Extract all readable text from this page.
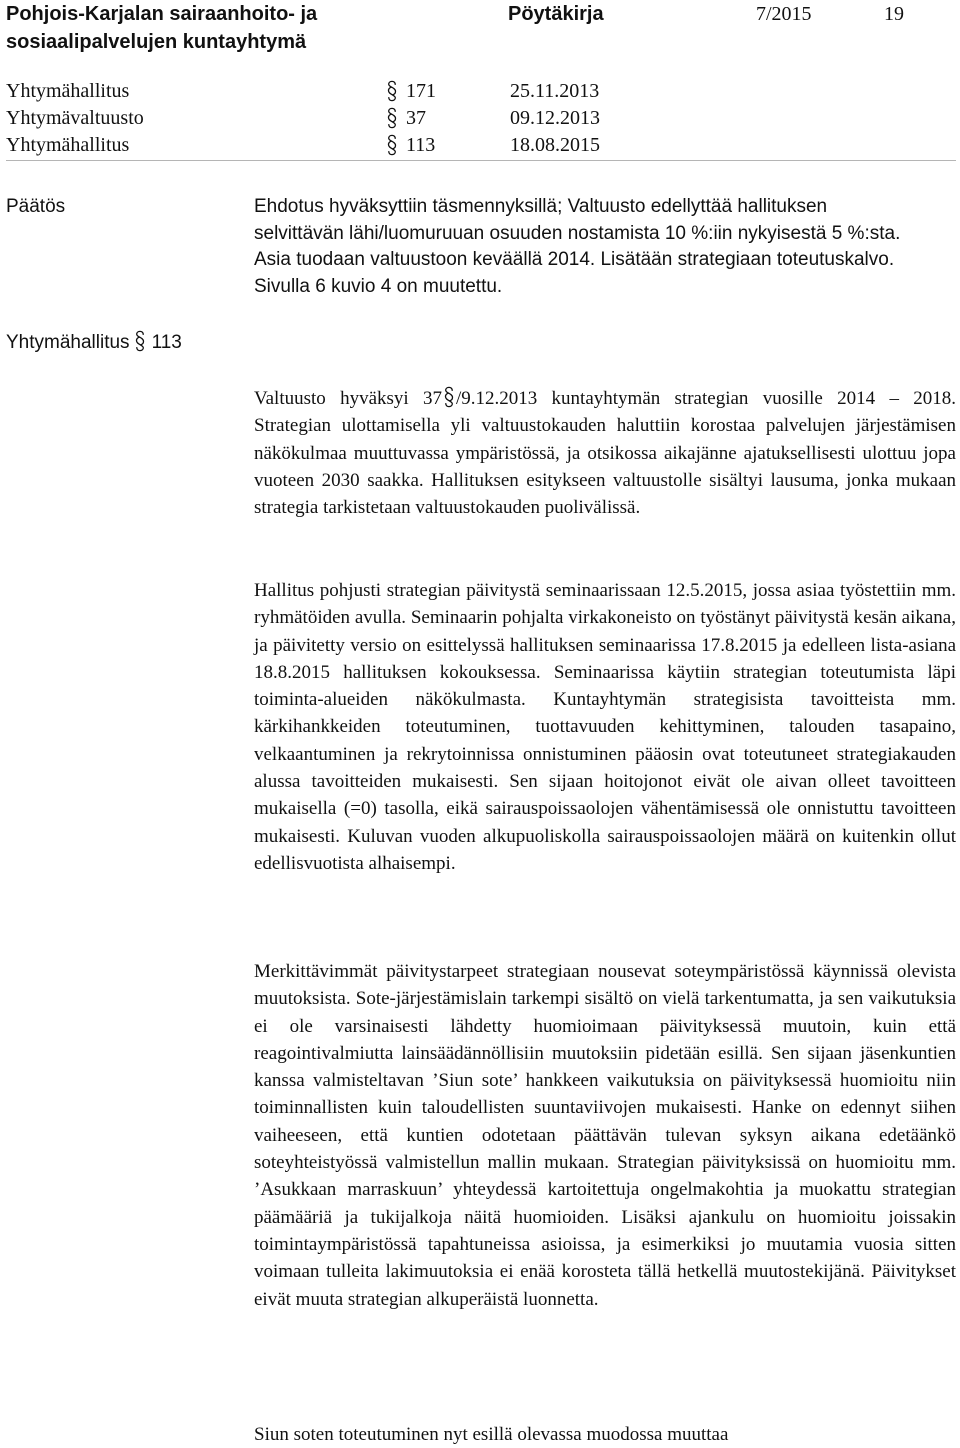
Pohjois-Karjalan sairaanhoito- ja sosiaalipalvelujen kuntayhtymä
Pöytäkirja	7/2015	19
Yhtymähallitus	171	25.11.2013
Yhtymävaltuusto	37	09.12.2013
Yhtymähallitus	113	18.08.2015
Päätös	Ehdotus hyväksyttiin täsmennyksillä; Valtuusto edellyttää hallituksen selvittävän lähi/luomuruuan osuuden nostamista 10 %:iin nykyisestä 5 %:sta. Asia tuodaan valtuustoon keväällä 2014. Lisätään strategiaan toteutuskalvo. Sivulla 6 kuvio 4 on muutettu.

Yhtymähallitus 113

Valtuusto hyväksyi 37 /9.12.2013 kuntayhtymän strategian vuosille 2014 – 2018. Strategian ulottamisella yli valtuustokauden haluttiin korostaa palvelujen järjestämisen näkökulmaa muuttuvassa ympäristössä, ja otsikossa aikajänne ajatuksellisesti ulottuu jopa vuoteen 2030 saakka. Hallituksen esitykseen valtuustolle sisältyi lausuma, jonka mukaan strategia tarkistetaan valtuustokauden puolivälissä.

Hallitus pohjusti strategian päivitystä seminaarissaan 12.5.2015, jossa asiaa työstettiin mm. ryhmätöiden avulla. Seminaarin pohjalta virkakoneisto on työstänyt päivitystä kesän aikana, ja päivitetty versio on esittelyssä hallituksen seminaarissa 17.8.2015 ja edelleen lista-asiana 18.8.2015 hallituksen kokouksessa. Seminaarissa käytiin strategian toteutumista läpi toiminta-alueiden näkökulmasta. Kuntayhtymän strategisista tavoitteista mm. kärkihankkeiden toteutuminen, tuottavuuden kehittyminen, talouden tasapaino, velkaantuminen ja rekrytoinnissa onnistuminen pääosin ovat toteutuneet strategiakauden alussa tavoitteiden mukaisesti. Sen sijaan hoitojonot eivät ole aivan olleet tavoitteen mukaisella (=0) tasolla, eikä sairauspoissaolojen vähentämisessä ole onnistuttu tavoitteen mukaisesti. Kuluvan vuoden alkupuoliskolla sairauspoissaolojen määrä on kuitenkin ollut edellisvuotista alhaisempi.

Merkittävimmät päivitystarpeet strategiaan nousevat soteympäristössä käynnissä olevista muutoksista. Sote-järjestämislain tarkempi sisältö on vielä tarkentumatta, ja sen vaikutuksia ei ole varsinaisesti lähdetty huomioimaan päivityksessä muutoin, kuin että reagointivalmiutta lainsäädännöllisiin muutoksiin pidetään esillä. Sen sijaan jäsenkuntien kanssa valmisteltavan ’Siun sote’ hankkeen vaikutuksia on päivityksessä huomioitu niin toiminnallisten kuin taloudellisten suuntaviivojen mukaisesti. Hanke on edennyt siihen vaiheeseen, että kuntien odotetaan päättävän tulevan syksyn aikana edetäänkö soteyhteistyössä valmistellun mallin mukaan. Strategian päivityksissä on huomioitu mm. ’Asukkaan marraskuun’ yhteydessä kartoitettuja ongelmakohtia ja muokattu strategian päämääriä ja tukijalkoja näitä huomioiden. Lisäksi ajankulu on huomioitu joissakin toimintaympäristössä tapahtuneissa asioissa, ja esimerkiksi jo muutamia vuosia sitten voimaan tulleita lakimuutoksia ei enää korosteta tällä hetkellä muutostekijänä. Päivitykset eivät muuta strategian alkuperäistä luonnetta.

Siun soten toteutuminen nyt esillä olevassa muodossa muuttaa
